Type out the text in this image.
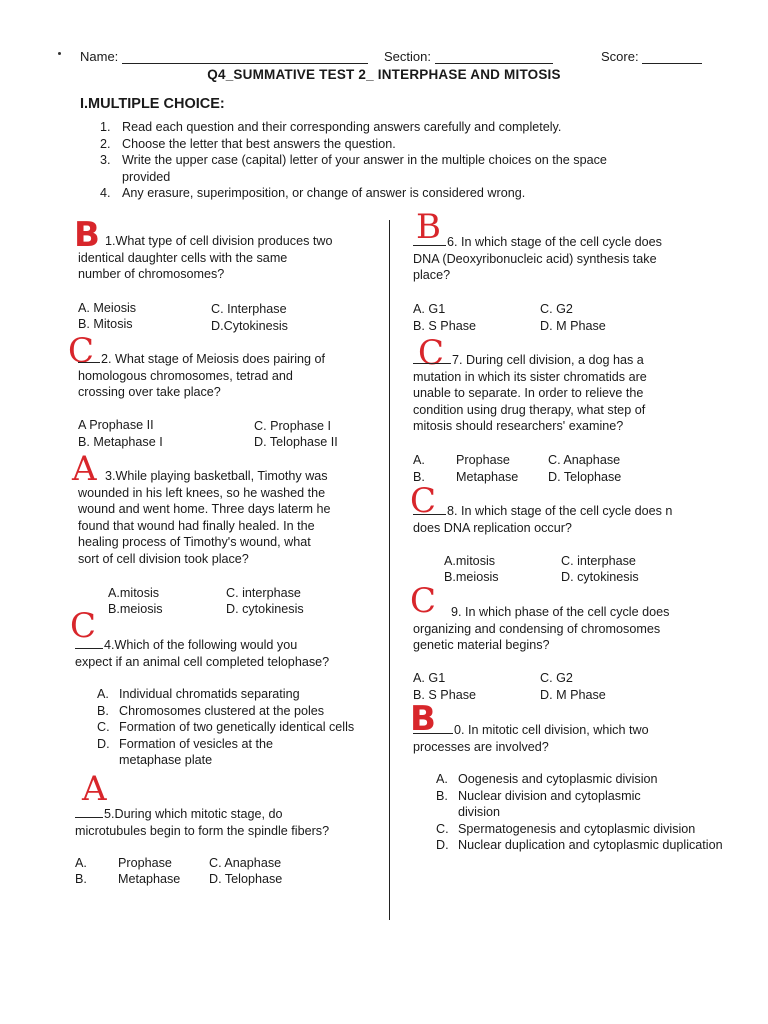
Name:	Section:	Score:
Q4_SUMMATIVE TEST 2_ INTERPHASE AND MITOSIS
I.MULTIPLE CHOICE:
1. Read each question and their corresponding answers carefully and completely.
2. Choose the letter that best answers the question.
3. Write the upper case (capital) letter of your answer in the multiple choices on the space provided
4. Any erasure, superimposition, or change of answer is considered wrong.
B 1.What type of cell division produces two
identical daughter cells with the same
number of chromosomes?
A. Meiosis
B. Mitosis
C. Interphase
D.Cytokinesis
C 2. What stage of Meiosis does pairing of
homologous chromosomes, tetrad and
crossing over take place?
A Prophase II
B. Metaphase I
C. Prophase I
D. Telophase II
A 3.While playing basketball, Timothy was
wounded in his left knees, so he washed the
wound and went home. Three days laterm he
found that wound had finally healed. In the
healing process of Timothy's wound, what
sort of cell division took place?
A.mitosis
B.meiosis
C. interphase
D. cytokinesis
C 4.Which of the following would you
expect if an animal cell completed telophase?
A. Individual chromatids separating
B. Chromosomes clustered at the poles
C. Formation of two genetically identical cells
D. Formation of vesicles at the metaphase plate
A
5.During which mitotic stage, do
microtubules begin to form the spindle fibers?
A. Prophase
B. Metaphase
C. Anaphase
D. Telophase
B 6. In which stage of the cell cycle does
DNA (Deoxyribonucleic acid) synthesis take
place?
A. G1
B. S Phase
C. G2
D. M Phase
C 7. During cell division, a dog has a
mutation in which its sister chromatids are
unable to separate. In order to relieve the
condition using drug therapy, what step of
mitosis should researchers' examine?
A. Prophase
B. Metaphase
C. Anaphase
D. Telophase
C 8. In which stage of the cell cycle does n
does DNA replication occur?
A.mitosis
B.meiosis
C. interphase
D. cytokinesis
C	9. In which phase of the cell cycle does
organizing and condensing of chromosomes
genetic material begins?
A. G1
B. S Phase
C. G2
D. M Phase
B	0. In mitotic cell division, which two
processes are involved?
A. Oogenesis and cytoplasmic division
B. Nuclear division and cytoplasmic division
C. Spermatogenesis and cytoplasmic division
D. Nuclear duplication and cytoplasmic duplication
